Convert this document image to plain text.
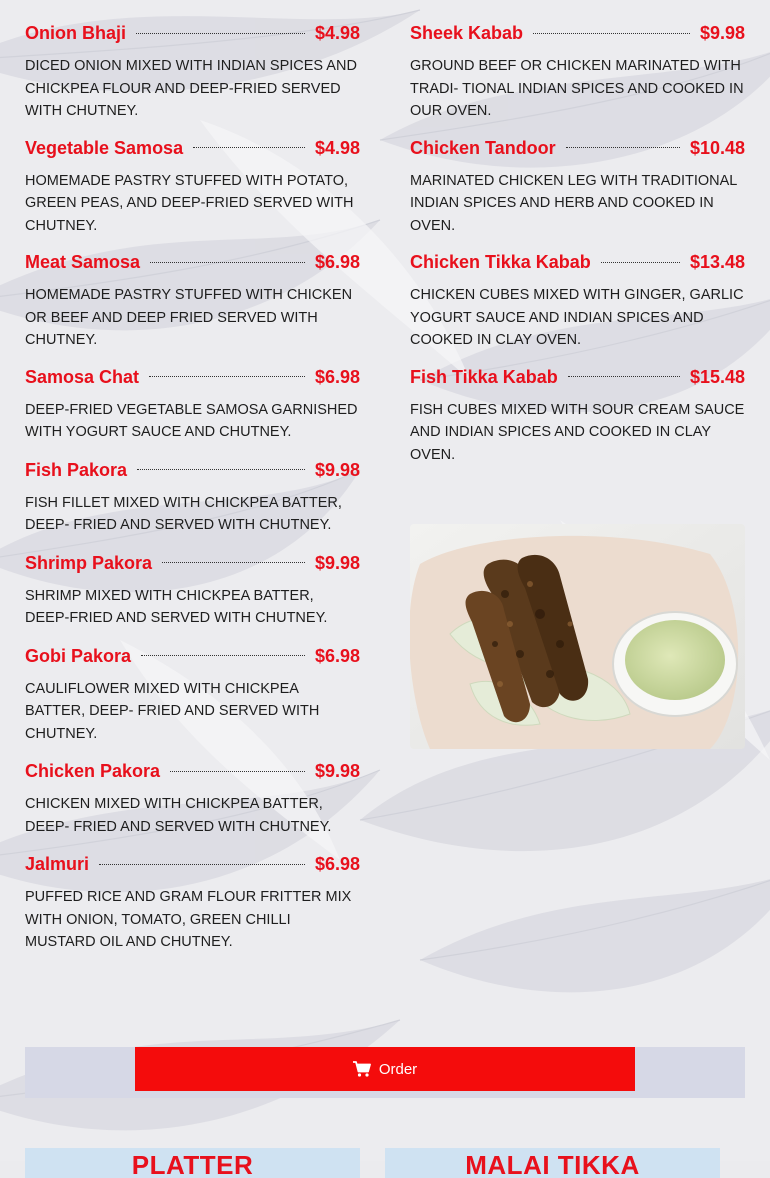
Onion Bhaji	$4.98
DICED ONION MIXED WITH INDIAN SPICES AND CHICKPEA FLOUR AND DEEP-FRIED SERVED WITH CHUTNEY.
Vegetable Samosa	$4.98
HOMEMADE PASTRY STUFFED WITH POTATO, GREEN PEAS, AND DEEP-FRIED SERVED WITH CHUTNEY.
Meat Samosa	$6.98
HOMEMADE PASTRY STUFFED WITH CHICKEN OR BEEF AND DEEP FRIED SERVED WITH CHUTNEY.
Samosa Chat	$6.98
DEEP-FRIED VEGETABLE SAMOSA GARNISHED WITH YOGURT SAUCE AND CHUTNEY.
Fish Pakora	$9.98
FISH FILLET MIXED WITH CHICKPEA BATTER, DEEP- FRIED AND SERVED WITH CHUTNEY.
Shrimp Pakora	$9.98
SHRIMP MIXED WITH CHICKPEA BATTER, DEEP-FRIED AND SERVED WITH CHUTNEY.
Gobi Pakora	$6.98
CAULIFLOWER MIXED WITH CHICKPEA BATTER, DEEP- FRIED AND SERVED WITH CHUTNEY.
Chicken Pakora	$9.98
CHICKEN MIXED WITH CHICKPEA BATTER, DEEP- FRIED AND SERVED WITH CHUTNEY.
Jalmuri	$6.98
PUFFED RICE AND GRAM FLOUR FRITTER MIX WITH ONION, TOMATO, GREEN CHILLI MUSTARD OIL AND CHUTNEY.
Sheek Kabab	$9.98
GROUND BEEF OR CHICKEN MARINATED WITH TRADI- TIONAL INDIAN SPICES AND COOKED IN OUR OVEN.
Chicken Tandoor	$10.48
MARINATED CHICKEN LEG WITH TRADITIONAL INDIAN SPICES AND HERB AND COOKED IN OVEN.
Chicken Tikka Kabab	$13.48
CHICKEN CUBES MIXED WITH GINGER, GARLIC YOGURT SAUCE AND INDIAN SPICES AND COOKED IN CLAY OVEN.
Fish Tikka Kabab	$15.48
FISH CUBES MIXED WITH SOUR CREAM SAUCE AND INDIAN SPICES AND COOKED IN CLAY OVEN.
Order
PLATTER	MALAI TIKKA
